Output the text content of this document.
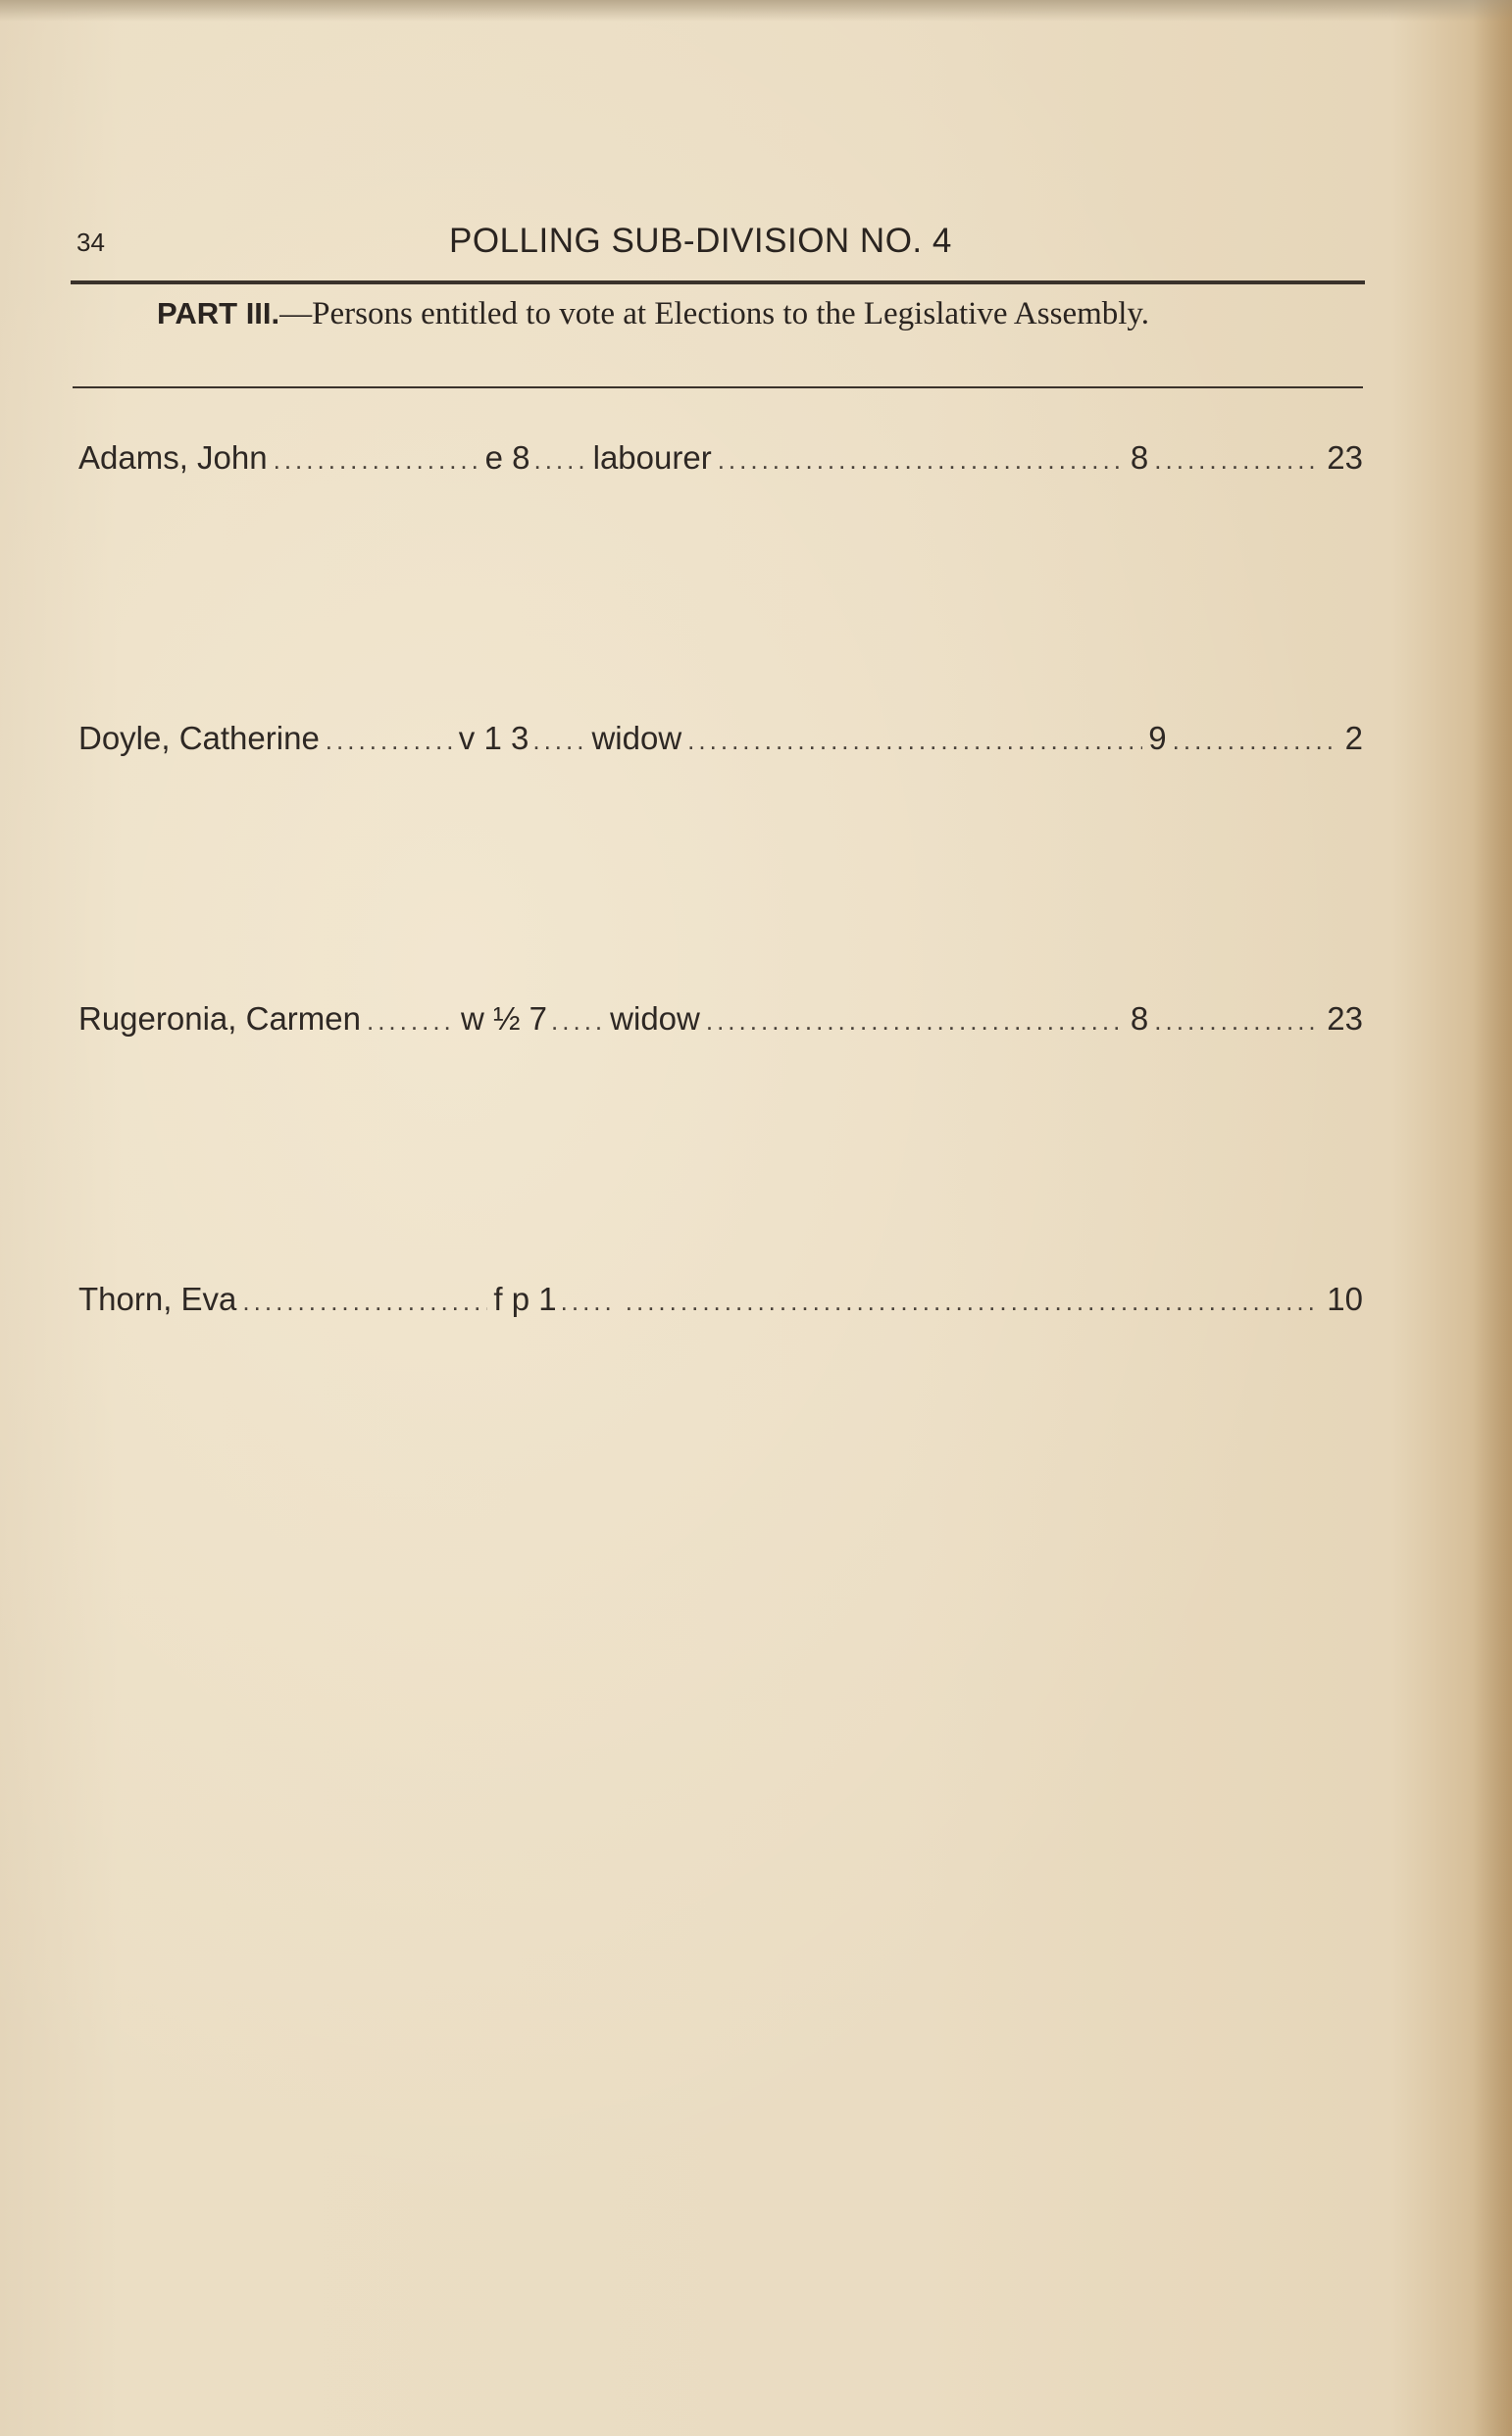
34	POLLING SUB-DIVISION NO. 4
PART III.—Persons entitled to vote at Elections to the Legislative Assembly.
Adams, John .....	e 8 ..... labourer .....	8 .....	23
Doyle, Catherine .....	v 1 3 ..... widow .....	9 .....	2
Rugeronia, Carmen .....	w ½ 7 ..... widow .....	8 .....	23
Thorn, Eva .....	f p 1 ..... .....	10
